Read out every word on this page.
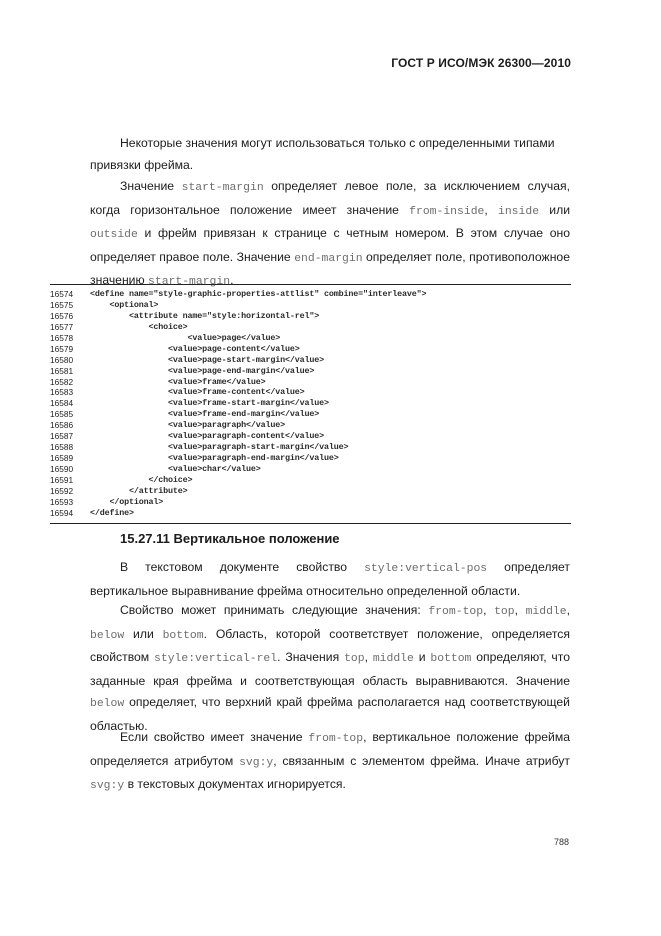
ГОСТ Р ИСО/МЭК 26300—2010

Некоторые значения могут использоваться только с определенными типами
привязки фрейма.

Значение start-margin определяет левое поле, за исключением случая, когда горизонтальное положение имеет значение from-inside, inside или outside и фрейм привязан к странице с четным номером. В этом случае оно определяет правое поле. Значение end-margin определяет поле, противоположное значению start-margin.

16574	<define name="style-graphic-properties-attlist" combine="interleave">
16575	<optional>
16576	<attribute name="style:horizontal-rel">
16577	<choice>
16578	<value>page</value>
16579	<value>page-content</value>
16580	<value>page-start-margin</value>
16581	<value>page-end-margin</value>
16582	<value>frame</value>
16583	<value>frame-content</value>
16584	<value>frame-start-margin</value>
16585	<value>frame-end-margin</value>
16586	<value>paragraph</value>
16587	<value>paragraph-content</value>
16588	<value>paragraph-start-margin</value>
16589	<value>paragraph-end-margin</value>
16590	<value>char</value>
16591	</choice>
16592	</attribute>
16593	</optional>
16594	</define>
15.27.11 Вертикальное положение

В текстовом документе свойство style:vertical-pos определяет вертикальное выравнивание фрейма относительно определенной области.

Свойство может принимать следующие значения: from-top, top, middle, below или bottom. Область, которой соответствует положение, определяется свойством style:vertical-rel. Значения top, middle и bottom определяют, что заданные края фрейма и соответствующая область выравниваются. Значение below определяет, что верхний край фрейма располагается над соответствующей областью.

Если свойство имеет значение from-top, вертикальное положение фрейма определяется атрибутом svg:y, связанным с элементом фрейма. Иначе атрибут svg:y в текстовых документах игнорируется.

788
